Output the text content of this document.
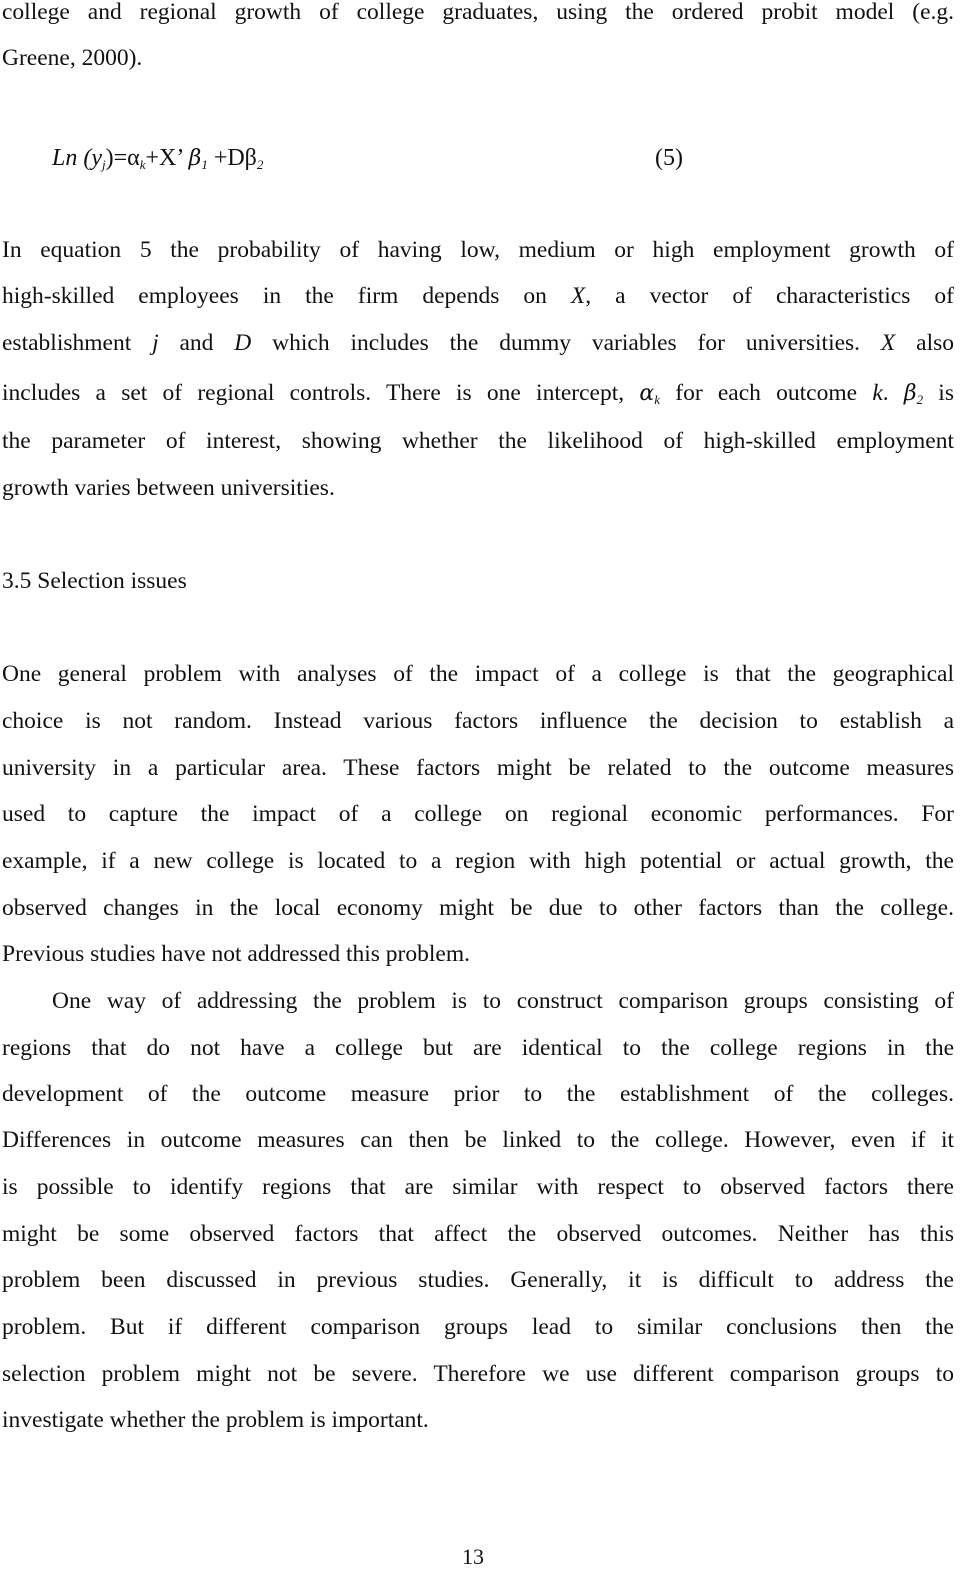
college and regional growth of college graduates, using the ordered probit model (e.g.
Greene, 2000).
Ln $(y_j)=\alpha_k+X$’ $\beta_1 +D\beta_2$	(5)
In equation 5 the probability of having low, medium or high employment growth of
high-skilled employees in the firm depends on X, a vector of characteristics of
establishment j and D which includes the dummy variables for universities. X also
includes a set of regional controls. There is one intercept, $\alpha_k$ for each outcome k. $\beta_2$ is
the parameter of interest, showing whether the likelihood of high-skilled employment
growth varies between universities.
3.5 Selection issues
One general problem with analyses of the impact of a college is that the geographical
choice is not random. Instead various factors influence the decision to establish a
university in a particular area. These factors might be related to the outcome measures
used to capture the impact of a college on regional economic performances. For
example, if a new college is located to a region with high potential or actual growth, the
observed changes in the local economy might be due to other factors than the college.
Previous studies have not addressed this problem.
One way of addressing the problem is to construct comparison groups consisting of
regions that do not have a college but are identical to the college regions in the
development of the outcome measure prior to the establishment of the colleges.
Differences in outcome measures can then be linked to the college. However, even if it
is possible to identify regions that are similar with respect to observed factors there
might be some observed factors that affect the observed outcomes. Neither has this
problem been discussed in previous studies. Generally, it is difficult to address the
problem. But if different comparison groups lead to similar conclusions then the
selection problem might not be severe. Therefore we use different comparison groups to
investigate whether the problem is important.
13
